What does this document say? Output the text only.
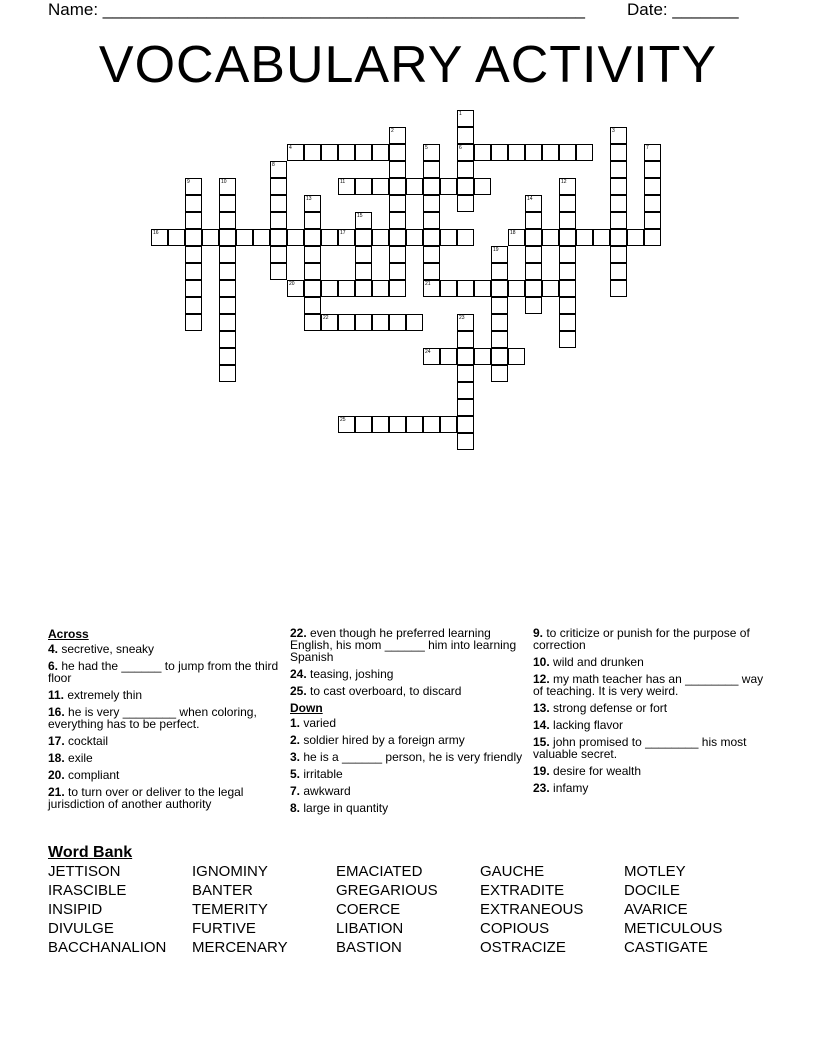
Name: ___________________________________________________ Date: _______
VOCABULARY ACTIVITY
1
6
2	3
4	5
21
7
8
9	10	11	12
13	14
15
16	17	18
19
20
22	23
24
25
Across
4. secretive, sneaky
6. he had the ______ to jump from the third floor
11. extremely thin
16. he is very ________ when coloring, everything has to be perfect.
17. cocktail
18. exile
20. compliant
21. to turn over or deliver to the legal jurisdiction of another authority
22. even though he preferred learning English, his mom ______ him into learning Spanish
24. teasing, joshing
25. to cast overboard, to discard
Down
1. varied
2. soldier hired by a foreign army
3. he is a ______ person, he is very friendly
5. irritable
7. awkward
8. large in quantity
9. to criticize or punish for the purpose of correction
10. wild and drunken
12. my math teacher has an ________ way of teaching. It is very weird.
13. strong defense or fort
14. lacking flavor
15. john promised to ________ his most valuable secret.
19. desire for wealth
23. infamy
Word Bank
JETTISON	IGNOMINY	EMACIATED	GAUCHE	MOTLEY
IRASCIBLE	BANTER	GREGARIOUS	EXTRADITE	DOCILE
INSIPID	TEMERITY	COERCE	EXTRANEOUS	AVARICE
DIVULGE	FURTIVE	LIBATION	COPIOUS	METICULOUS
BACCHANALION	MERCENARY	BASTION	OSTRACIZE	CASTIGATE
